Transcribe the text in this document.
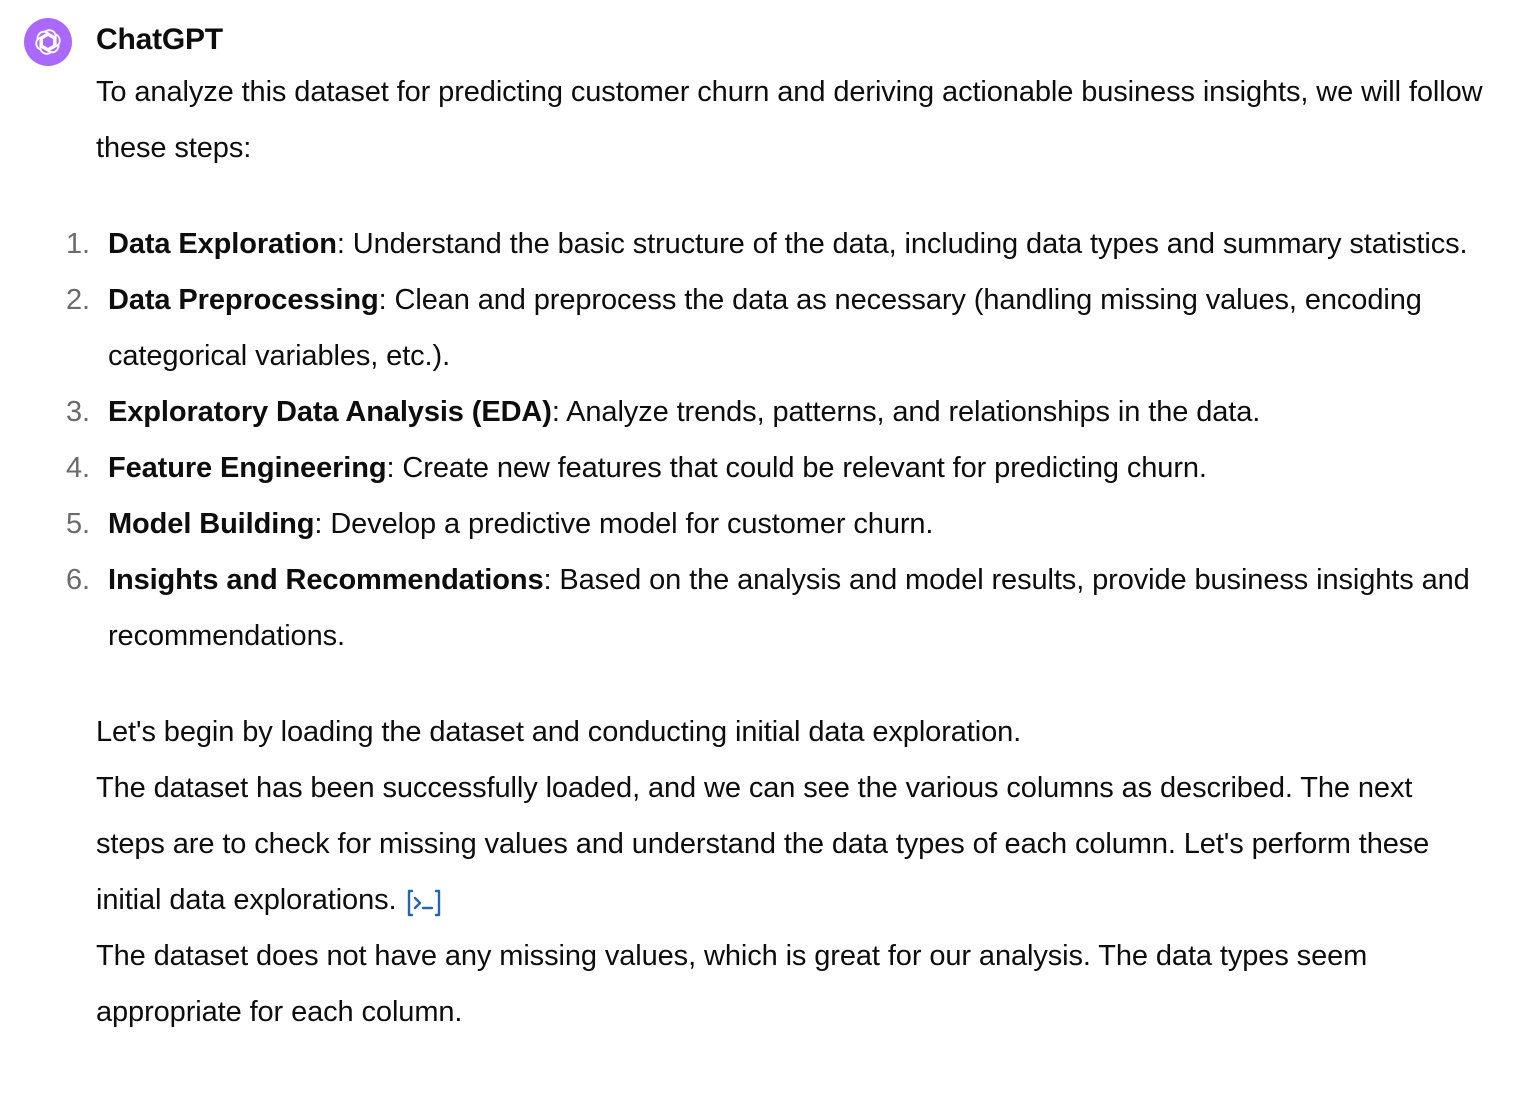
ChatGPT

To analyze this dataset for predicting customer churn and deriving actionable business insights, we will follow these steps:

1. Data Exploration: Understand the basic structure of the data, including data types and summary statistics.
2. Data Preprocessing: Clean and preprocess the data as necessary (handling missing values, encoding categorical variables, etc.).
3. Exploratory Data Analysis (EDA): Analyze trends, patterns, and relationships in the data.
4. Feature Engineering: Create new features that could be relevant for predicting churn.
5. Model Building: Develop a predictive model for customer churn.
6. Insights and Recommendations: Based on the analysis and model results, provide business insights and recommendations.

Let's begin by loading the dataset and conducting initial data exploration.

The dataset has been successfully loaded, and we can see the various columns as described. The next steps are to check for missing values and understand the data types of each column. Let's perform these initial data explorations.

The dataset does not have any missing values, which is great for our analysis. The data types seem appropriate for each column.
